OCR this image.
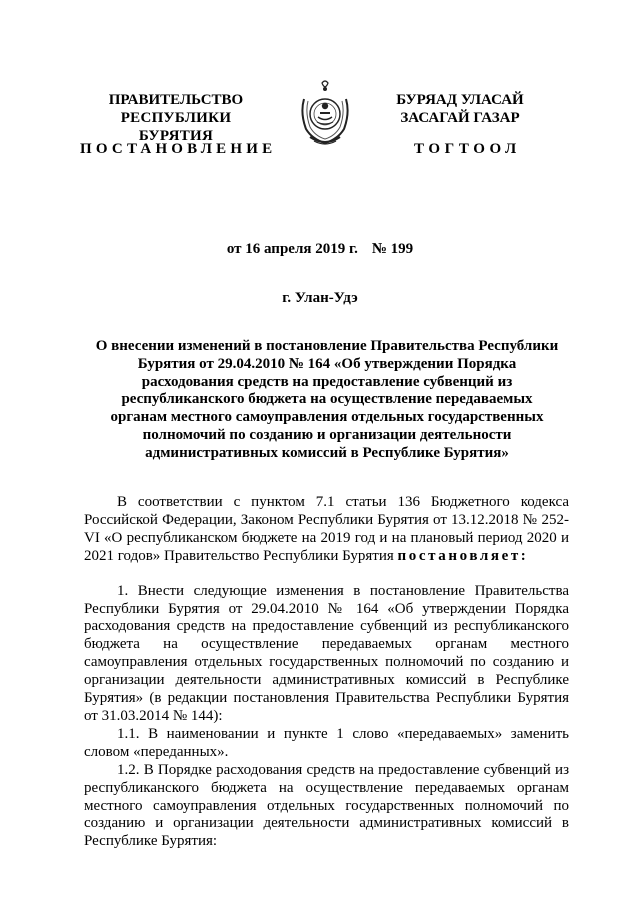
ПРАВИТЕЛЬСТВО
РЕСПУБЛИКИ БУРЯТИЯ
БУРЯАД УЛАСАЙ
ЗАСАГАЙ ГАЗАР
ПОСТАНОВЛЕНИЕ	ТОГТООЛ
от 16 апреля 2019 г. № 199
г. Улан-Удэ
О внесении изменений в постановление Правительства Республики Бурятия от 29.04.2010 № 164 «Об утверждении Порядка расходования средств на предоставление субвенций из республиканского бюджета на осуществление передаваемых органам местного самоуправления отдельных государственных полномочий по созданию и организации деятельности административных комиссий в Республике Бурятия»

В соответствии с пунктом 7.1 статьи 136 Бюджетного кодекса Российской Федерации, Законом Республики Бурятия от 13.12.2018 № 252-VI «О республиканском бюджете на 2019 год и на плановый период 2020 и 2021 годов» Правительство Республики Бурятия постановляет:

1. Внести следующие изменения в постановление Правительства Республики Бурятия от 29.04.2010 № 164 «Об утверждении Порядка расходования средств на предоставление субвенций из республиканского бюджета на осуществление передаваемых органам местного самоуправления отдельных государственных полномочий по созданию и организации деятельности административных комиссий в Республике Бурятия» (в редакции постановления Правительства Республики Бурятия от 31.03.2014 № 144):

1.1. В наименовании и пункте 1 слово «передаваемых» заменить словом «переданных».

1.2. В Порядке расходования средств на предоставление субвенций из республиканского бюджета на осуществление передаваемых органам местного самоуправления отдельных государственных полномочий по созданию и организации деятельности административных комиссий в Республике Бурятия:
